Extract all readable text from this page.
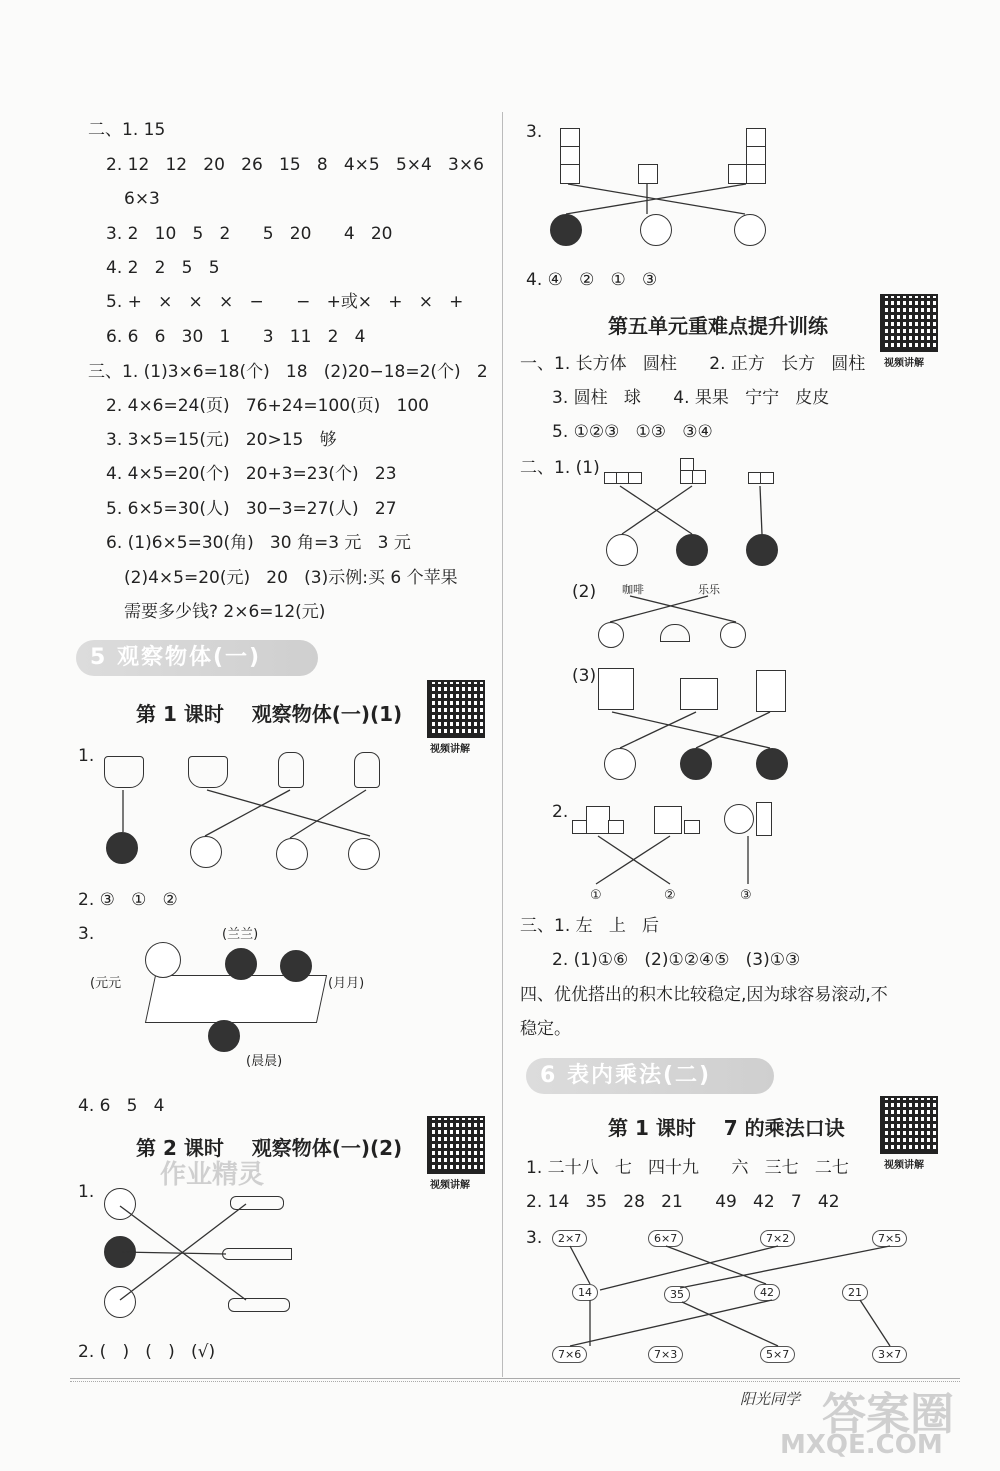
二、1. 15
2. 12   12   20   26   15   8   4×5   5×4   3×6
6×3
3. 2   10   5   2      5   20      4   20
4. 2   2   5   5
5. +   ×   ×   ×   −      −   +或×   +   ×   +
6. 6   6   30   1      3   11   2   4
三、1. (1)3×6=18(个)   18   (2)20−18=2(个)   2
2. 4×6=24(页)   76+24=100(页)   100
3. 3×5=15(元)   20>15   够
4. 4×5=20(个)   20+3=23(个)   23
5. 6×5=30(人)   30−3=27(人)   27
6. (1)6×5=30(角)   30 角=3 元   3 元
(2)4×5=20(元)   20   (3)示例:买 6 个苹果
需要多少钱? 2×6=12(元)
5 观察物体(一)
第 1 课时    观察物体(一)(1)
视频讲解
1.
2. ③   ①   ②
3.	(兰兰)
(元元	(月月)
(晨晨)
4. 6   5   4
第 2 课时    观察物体(一)(2)
视频讲解
作业精灵
1.
2. (   )   (   )   (√)
3.
4. ④   ②   ①   ③
第五单元重难点提升训练
视频讲解
一、1. 长方体   圆柱      2. 正方   长方   圆柱
3. 圆柱   球      4. 果果   宁宁   皮皮
5. ①②③   ①③   ③④
二、1. (1)
(2) 咖啡	乐乐
(3)
2.
①	②	③
三、1. 左   上   后
2. (1)①⑥   (2)①②④⑤   (3)①③
四、优优搭出的积木比较稳定,因为球容易滚动,不
稳定。
6 表内乘法(二)
第 1 课时    7 的乘法口诀
视频讲解
1. 二十八   七   四十九      六   三七   二七
2. 14   35   28   21      49   42   7   42
3.	2×7	6×7	7×2	7×5
14	35	42	21
7×6	7×3	5×7	3×7
阳光同学 答案圈
MXQE.COM
